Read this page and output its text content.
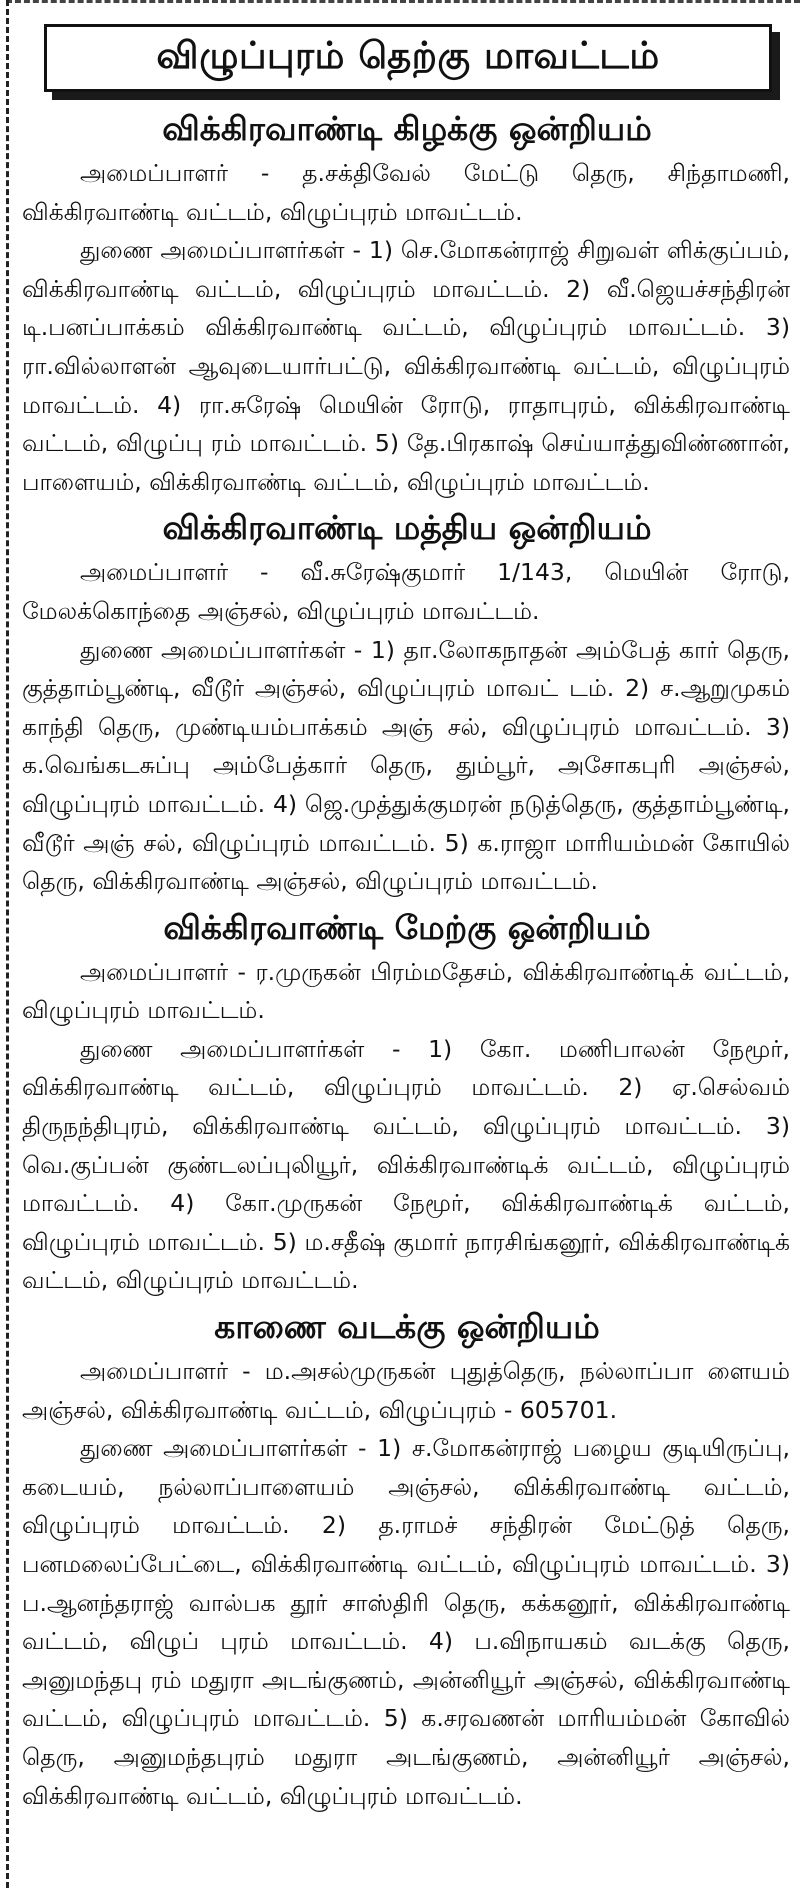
விழுப்புரம் தெற்கு மாவட்டம்
விக்கிரவாண்டி கிழக்கு ஒன்றியம்

அமைப்பாளர் - த.சக்திவேல் மேட்டு தெரு, சிந்தாமணி, விக்கிரவாண்டி வட்டம், விழுப்புரம் மாவட்டம்.

துணை அமைப்பாளர்கள் - 1) செ.மோகன்ராஜ் சிறுவள் ளிக்குப்பம், விக்கிரவாண்டி வட்டம், விழுப்புரம் மாவட்டம். 2) வீ.ஜெயச்சந்திரன் டி.பனப்பாக்கம் விக்கிரவாண்டி வட்டம், விழுப்புரம் மாவட்டம். 3) ரா.வில்லாளன் ஆவுடையார்பட்டு, விக்கிரவாண்டி வட்டம், விழுப்புரம் மாவட்டம். 4) ரா.சுரேஷ் மெயின் ரோடு, ராதாபுரம், விக்கிரவாண்டி வட்டம், விழுப்பு ரம் மாவட்டம். 5) தே.பிரகாஷ் செய்யாத்துவிண்ணான், பாளையம், விக்கிரவாண்டி வட்டம், விழுப்புரம் மாவட்டம்.

விக்கிரவாண்டி மத்திய ஒன்றியம்

அமைப்பாளர் - வீ.சுரேஷ்குமார் 1/143, மெயின் ரோடு, மேலக்கொந்தை அஞ்சல், விழுப்புரம் மாவட்டம்.

துணை அமைப்பாளர்கள் - 1) தா.லோகநாதன் அம்பேத் கார் தெரு, குத்தாம்பூண்டி, வீடூர் அஞ்சல், விழுப்புரம் மாவட் டம். 2) ச.ஆறுமுகம் காந்தி தெரு, முண்டியம்பாக்கம் அஞ் சல், விழுப்புரம் மாவட்டம். 3) க.வெங்கடசுப்பு அம்பேத்கார் தெரு, தும்பூர், அசோகபுரி அஞ்சல், விழுப்புரம் மாவட்டம். 4) ஜெ.முத்துக்குமரன் நடுத்தெரு, குத்தாம்பூண்டி, வீடூர் அஞ் சல், விழுப்புரம் மாவட்டம். 5) க.ராஜா மாரியம்மன் கோயில் தெரு, விக்கிரவாண்டி அஞ்சல், விழுப்புரம் மாவட்டம்.

விக்கிரவாண்டி மேற்கு ஒன்றியம்

அமைப்பாளர் - ர.முருகன் பிரம்மதேசம், விக்கிரவாண்டிக் வட்டம், விழுப்புரம் மாவட்டம்.

துணை அமைப்பாளர்கள் - 1) கோ. மணிபாலன் நேமூர், விக்கிரவாண்டி வட்டம், விழுப்புரம் மாவட்டம். 2) ஏ.செல்வம் திருநந்திபுரம், விக்கிரவாண்டி வட்டம், விழுப்புரம் மாவட்டம். 3) வெ.குப்பன் குண்டலப்புலியூர், விக்கிரவாண்டிக் வட்டம், விழுப்புரம் மாவட்டம். 4) கோ.முருகன் நேமூர், விக்கிரவாண்டிக் வட்டம், விழுப்புரம் மாவட்டம். 5) ம.சதீஷ் குமார் நாரசிங்கனூர், விக்கிரவாண்டிக் வட்டம், விழுப்புரம் மாவட்டம்.

காணை வடக்கு ஒன்றியம்

அமைப்பாளர் - ம.அசல்முருகன் புதுத்தெரு, நல்லாப்பா ளையம் அஞ்சல், விக்கிரவாண்டி வட்டம், விழுப்புரம் - 605701.

துணை அமைப்பாளர்கள் - 1) ச.மோகன்ராஜ் பழைய குடியிருப்பு, கடையம், நல்லாப்பாளையம் அஞ்சல், விக்கிரவாண்டி வட்டம், விழுப்புரம் மாவட்டம். 2) த.ராமச் சந்திரன் மேட்டுத் தெரு, பனமலைப்பேட்டை, விக்கிரவாண்டி வட்டம், விழுப்புரம் மாவட்டம். 3) ப.ஆனந்தராஜ் வால்பக தூர் சாஸ்திரி தெரு, கக்கனூர், விக்கிரவாண்டி வட்டம், விழுப் புரம் மாவட்டம். 4) ப.விநாயகம் வடக்கு தெரு, அனுமந்தபு ரம் மதுரா அடங்குணம், அன்னியூர் அஞ்சல், விக்கிரவாண்டி வட்டம், விழுப்புரம் மாவட்டம். 5) க.சரவணன் மாரியம்மன் கோவில் தெரு, அனுமந்தபுரம் மதுரா அடங்குணம், அன்னியூர் அஞ்சல், விக்கிரவாண்டி வட்டம், விழுப்புரம் மாவட்டம்.
